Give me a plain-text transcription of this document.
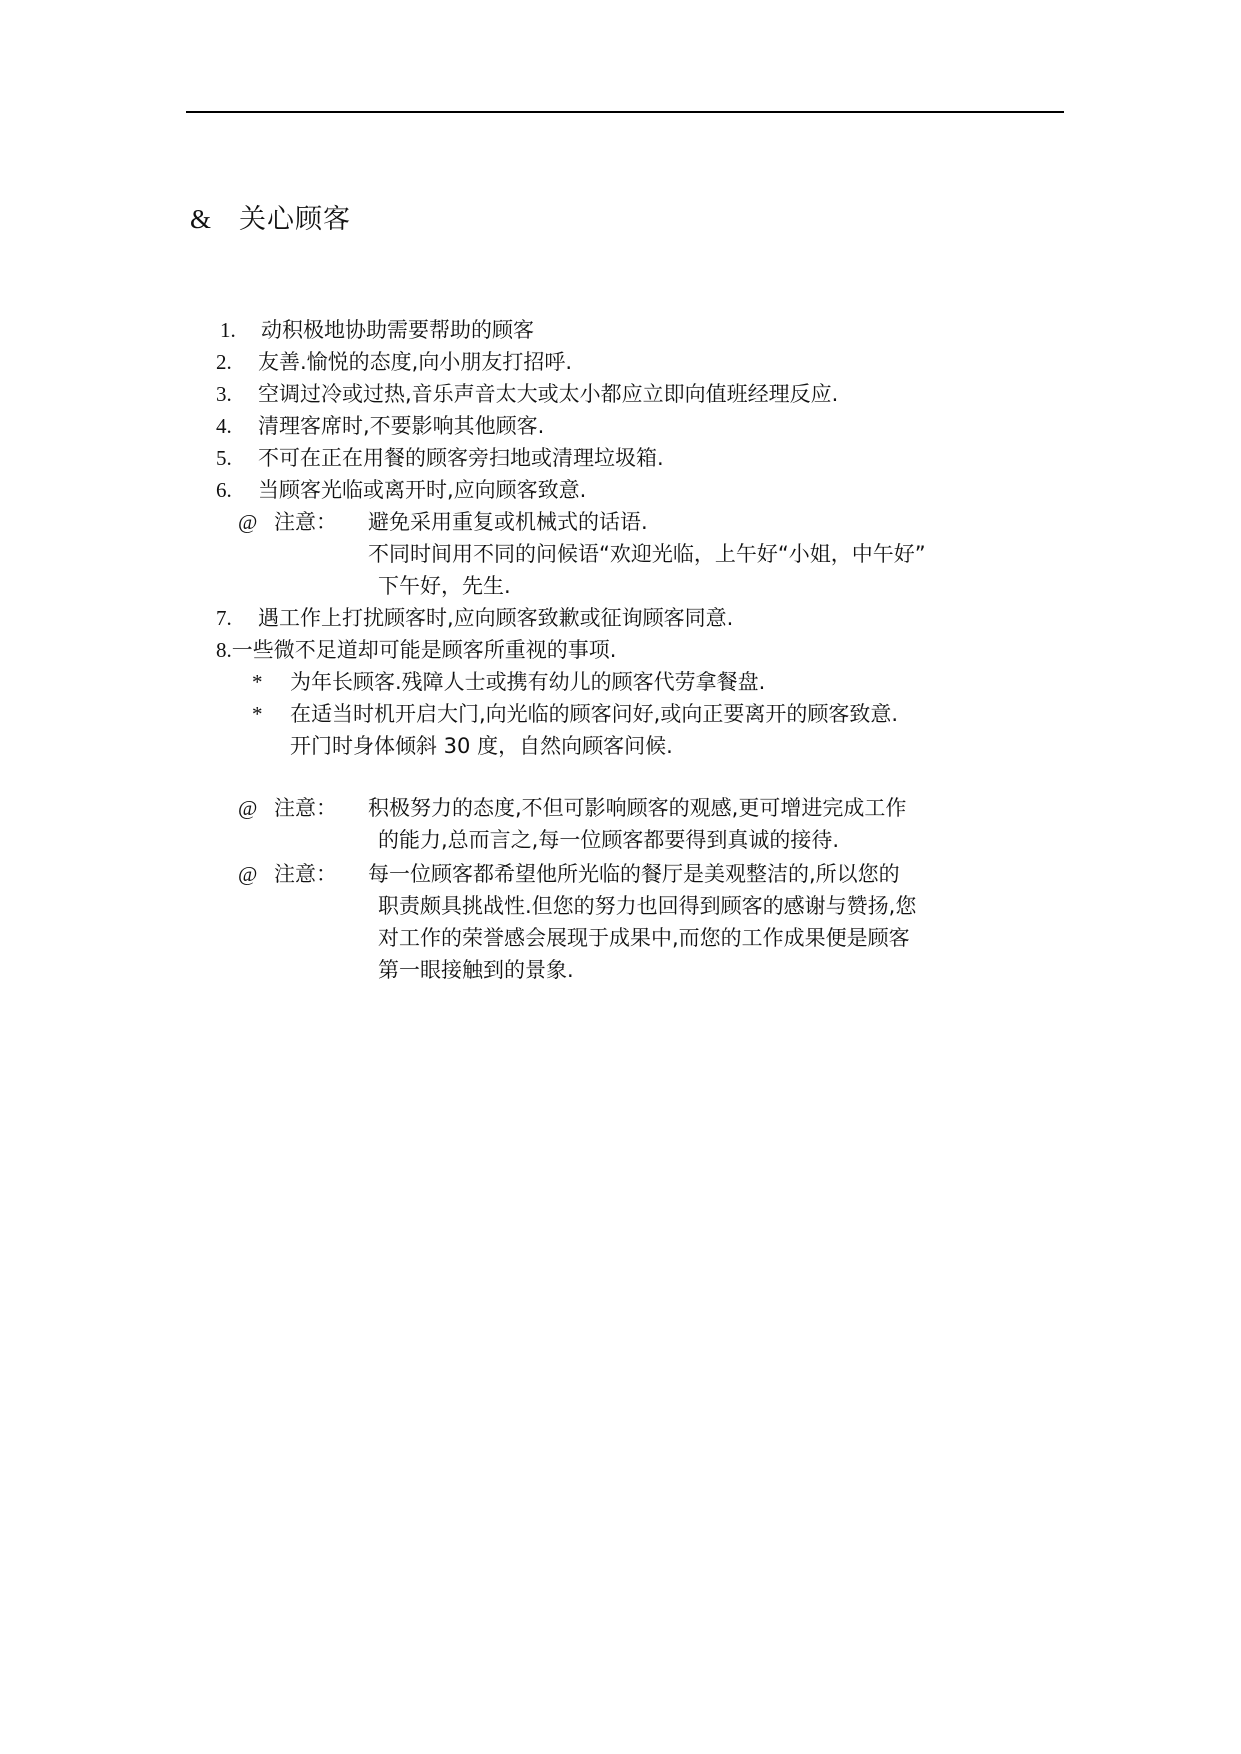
& 关心顾客
1. 动积极地协助需要帮助的顾客
2. 友善.愉悦的态度,向小朋友打招呼.
3. 空调过冷或过热,音乐声音太大或太小都应立即向值班经理反应.
4. 清理客席时,不要影响其他顾客.
5. 不可在正在用餐的顾客旁扫地或清理垃圾箱.
6. 当顾客光临或离开时,应向顾客致意.
@ 注意： 避免采用重复或机械式的话语.
不同时间用不同的问候语“欢迎光临，上午好“小姐，中午好”
下午好，先生.
7. 遇工作上打扰顾客时,应向顾客致歉或征询顾客同意.
8.一些微不足道却可能是顾客所重视的事项.
* 为年长顾客.残障人士或携有幼儿的顾客代劳拿餐盘.
* 在适当时机开启大门,向光临的顾客问好,或向正要离开的顾客致意.
开门时身体倾斜 30 度，自然向顾客问候.
@ 注意： 积极努力的态度,不但可影响顾客的观感,更可增进完成工作
的能力,总而言之,每一位顾客都要得到真诚的接待.
@ 注意： 每一位顾客都希望他所光临的餐厅是美观整洁的,所以您的
职责颇具挑战性.但您的努力也回得到顾客的感谢与赞扬,您
对工作的荣誉感会展现于成果中,而您的工作成果便是顾客
第一眼接触到的景象.
